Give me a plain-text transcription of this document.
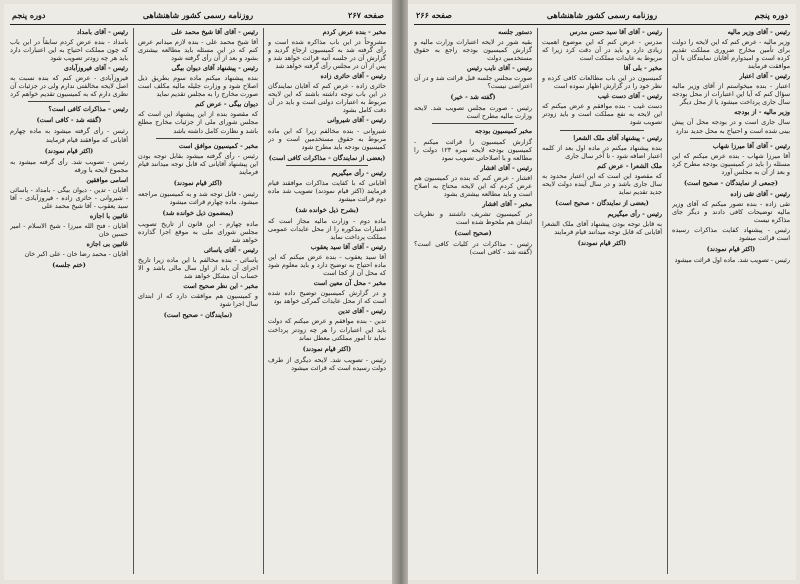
دوره پنجم	روزنامه رسمی کشور شاهنشاهی	صفحه ۲۶۷

رئیس - آقای بامداد

بامداد - بنده عرض کردم سابقاً در این باب که چون مملکت احتیاج به این اعتبارات دارد باید هر چه زودتر تصویب شود

رئیس - آقای فیروزآبادی

فیروزآبادی - عرض کنم که بنده نسبت به اصل لایحه مخالفتی ندارم ولی در جزئیات آن نظری دارم که به کمیسیون تقدیم خواهم کرد

رئیس - مذاکرات کافی است؟

(گفته شد - کافی است)

رئیس - رأی گرفته میشود به ماده چهارم آقایانی که موافقند قیام فرمایند

(اکثر قیام نمودند)

رئیس - تصویب شد. رأی گرفته میشود به مجموع لایحه با ورقه

اسامی موافقین

آقایان - تدین - دیوان بیگی - بامداد - یاسائی - شیروانی - حائری زاده - فیروزآبادی - آقا سید یعقوب - آقا شیخ محمد علی

غائبین با اجازه

آقایان - فتح الله میرزا - شیخ الاسلام - امیر حسین خان

غائبین بی اجازه

آقایان - محمد رضا خان - علی اکبر خان

(ختم جلسه)

رئیس - آقای آقا شیخ محمد علی

آقا شیخ محمد علی - بنده لازم میدانم عرض کنم که در این مسئله باید مطالعه بیشتری بشود و بعد از آن رأی گرفته شود

رئیس - پیشنهاد آقای دیوان بیگی

بنده پیشنهاد میکنم ماده سوم بطریق ذیل اصلاح شود و وزارت جلیله مالیه مکلف است صورت مخارج را به مجلس تقدیم نماید

دیوان بیگی - عرض کنم

که مقصود بنده از این پیشنهاد این است که مجلس شورای ملی از جزئیات مخارج مطلع باشد و نظارت کامل داشته باشد

مخبر - کمیسیون موافق است

رئیس - رأی گرفته میشود بقابل توجه بودن این پیشنهاد آقایانی که قابل توجه میدانند قیام فرمایند

(اکثر قیام نمودند)

رئیس - قابل توجه شد و به کمیسیون مراجعه میشود. ماده چهارم قرائت میشود

(بمضمون ذیل خوانده شد)

ماده چهارم - این قانون از تاریخ تصویب مجلس شورای ملی به موقع اجرا گذارده خواهد شد

رئیس - آقای یاسائی

یاسائی - بنده مخالفم با این ماده زیرا تاریخ اجرای آن باید از اول سال مالی باشد و الا حساب آن مشکل خواهد شد

مخبر - این نظر صحیح است

و کمیسیون هم موافقت دارد که از ابتدای سال اجرا شود

(نمایندگان - صحیح است)

مخبر - بنده عرض کردم

مشروحاً در این باب مذاکره شده است و رأی گرفته شد به کمیسیون ارجاع گردید و گزارش آن در جلسه آتیه قرائت خواهد شد و پس از آن در مجلس رأی گرفته خواهد شد

رئیس - آقای حائری زاده

حائری زاده - عرض کنم که آقایان نمایندگان در این باب توجه داشته باشند که این لایحه مربوط به اعتبارات دولتی است و باید در آن دقت کامل بشود

رئیس - آقای شیروانی

شیروانی - بنده مخالفم زیرا که این ماده مربوط به حقوق مستخدمین است و در کمیسیون بودجه باید مطرح شود

(بعضی از نمایندگان - مذاکرات کافی است)

رئیس - رأی میگیریم

آقایانی که با کفایت مذاکرات موافقند قیام فرمایند (اکثر قیام نمودند) تصویب شد ماده دوم قرائت میشود

(بشرح ذیل خوانده شد)

ماده دوم - وزارت مالیه مجاز است که اعتبارات مذکوره را از محل عایدات عمومی مملکت پرداخت نماید

رئیس - آقای آقا سید یعقوب

آقا سید یعقوب - بنده عرض میکنم که این ماده احتیاج به توضیح دارد و باید معلوم شود که محل آن از کجا است

مخبر - محل آن معین است

و در گزارش کمیسیون توضیح داده شده است که از محل عایدات گمرکی خواهد بود

رئیس - آقای تدین

تدین - بنده موافقم و عرض میکنم که دولت باید این اعتبارات را هر چه زودتر پرداخت نماید تا امور مملکتی معطل نماند

(اکثر قیام نمودند)

رئیس - تصویب شد. لایحه دیگری از طرف دولت رسیده است که قرائت میشود

صفحه ۲۶۶	روزنامه رسمی کشور شاهنشاهی	دوره پنجم

دستور جلسه

بقیه شور در لایحه اعتبارات وزارت مالیه و گزارش کمیسیون بودجه راجع به حقوق مستخدمین دولت

رئیس - آقای نایب رئیس

صورت مجلس جلسه قبل قرائت شد و در آن اعتراضی نیست؟

(گفته شد - خیر)

رئیس - صورت مجلس تصویب شد. لایحه وزارت مالیه مطرح است

مخبر کمیسیون بودجه

گزارش کمیسیون را قرائت میکنم - کمیسیون بودجه لایحه نمره ۱۲۳ دولت را مطالعه و با اصلاحاتی تصویب نمود

رئیس - آقای افشار

افشار - عرض کنم که بنده در کمیسیون هم عرض کردم که این لایحه محتاج به اصلاح است و باید مطالعه بیشتری بشود

مخبر - آقای افشار

در کمیسیون تشریف داشتند و نظریات ایشان هم ملحوظ شده است

(صحیح است)

رئیس - مذاکرات در کلیات کافی است؟ (گفته شد - کافی است)

رئیس - آقای آقا سید حسن مدرس

مدرس - عرض کنم که این موضوع اهمیت زیادی دارد و باید در آن دقت کرد زیرا که مربوط به عایدات مملکت است

مخبر - بلی آقا

کمیسیون در این باب مطالعات کافی کرده و نظر خود را در گزارش اظهار نموده است

رئیس - آقای دست غیب

دست غیب - بنده موافقم و عرض میکنم که این لایحه به نفع مملکت است و باید زودتر تصویب شود

رئیس - پیشنهاد آقای ملک الشعرا

بنده پیشنهاد میکنم در ماده اول بعد از کلمه اعتبار اضافه شود - تا آخر سال جاری

ملک الشعرا - عرض کنم

که مقصود این است که این اعتبار محدود به سال جاری باشد و در سال آینده دولت لایحه جدید تقدیم نماید

(بعضی از نمایندگان - صحیح است)

رئیس - رأی میگیریم

به قابل توجه بودن پیشنهاد آقای ملک الشعرا آقایانی که قابل توجه میدانند قیام فرمایند

(اکثر قیام نمودند)

رئیس - آقای وزیر مالیه

وزیر مالیه - عرض کنم که این لایحه را دولت برای تأمین مخارج ضروری مملکت تقدیم کرده است و امیدوارم آقایان نمایندگان با آن موافقت فرمایند

رئیس - آقای اعتبار

اعتبار - بنده میخواستم از آقای وزیر مالیه سؤال کنم که آیا این اعتبارات از محل بودجه سال جاری پرداخت میشود یا از محل دیگر

وزیر مالیه - از بودجه

سال جاری است و در بودجه محل آن پیش بینی شده است و احتیاج به محل جدید ندارد

رئیس - آقای آقا میرزا شهاب

آقا میرزا شهاب - بنده عرض میکنم که این مسئله را باید در کمیسیون بودجه مطرح کرد و بعد از آن به مجلس آورد

(جمعی از نمایندگان - صحیح است)

رئیس - آقای تقی زاده

تقی زاده - بنده تصور میکنم که آقای وزیر مالیه توضیحات کافی دادند و دیگر جای مذاکره نیست

رئیس - پیشنهاد کفایت مذاکرات رسیده است قرائت میشود

(اکثر قیام نمودند)

رئیس - تصویب شد. ماده اول قرائت میشود
